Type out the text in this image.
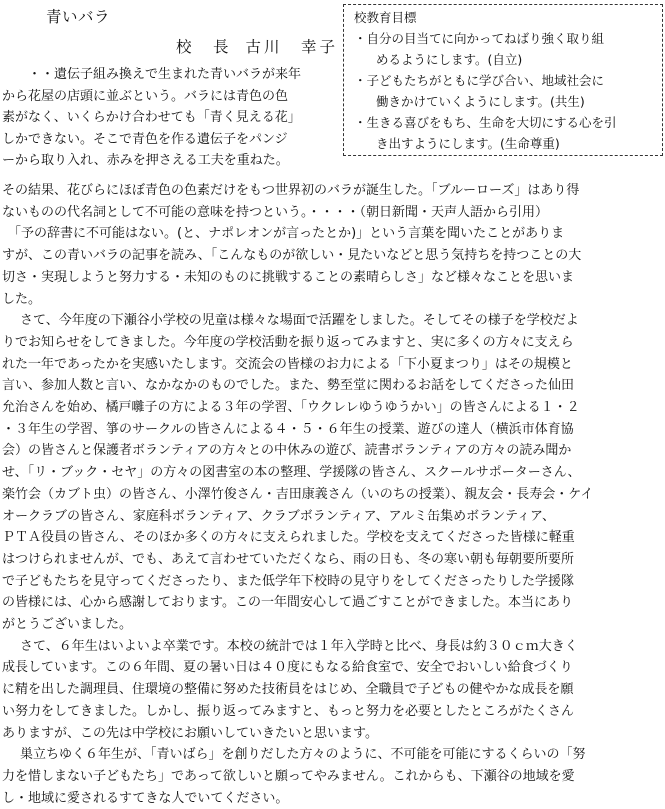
青いバラ
校　長 古川　幸子
校教育目標
・自分の目当てに向かってねばり強く取り組
めるようにします。(自立)
・子どもたちがともに学び合い、地域社会に
働きかけていくようにします。(共生)
・生きる喜びをもち、生命を大切にする心を引
き出すようにします。(生命尊重)
・・遺伝子組み換えで生まれた青いバラが来年
から花屋の店頭に並ぶという。バラには青色の色
素がなく、いくらかけ合わせても「青く見える花」
しかできない。そこで青色を作る遺伝子をパンジ
ーから取り入れ、赤みを押さえる工夫を重ねた。
その結果、花びらにほぼ青色の色素だけをもつ世界初のバラが誕生した。「ブルーローズ」はあり得
ないものの代名詞として不可能の意味を持つという。・・・・（朝日新聞・天声人語から引用）
「予の辞書に不可能はない。(と、ナポレオンが言ったとか)」という言葉を聞いたことがありま
すが、この青いバラの記事を読み、「こんなものが欲しい・見たいなどと思う気持ちを持つことの大
切さ・実現しようと努力する・未知のものに挑戦することの素晴らしさ」など様々なことを思いま
した。
さて、今年度の下瀬谷小学校の児童は様々な場面で活躍をしました。そしてその様子を学校だよ
りでお知らせをしてきました。今年度の学校活動を振り返ってみますと、実に多くの方々に支えら
れた一年であったかを実感いたします。交流会の皆様のお力による「下小夏まつり」はその規模と
言い、参加人数と言い、なかなかのものでした。また、勢至堂に関わるお話をしてくださった仙田
允治さんを始め、橘戸囃子の方による３年の学習、「ウクレレゆうゆうかい」の皆さんによる１・２
・３年生の学習、箏のサークルの皆さんによる４・５・６年生の授業、遊びの達人（横浜市体育協
会）の皆さんと保護者ボランティアの方々との中休みの遊び、読書ボランティアの方々の読み聞か
せ、「リ・ブック・セヤ」の方々の図書室の本の整理、学援隊の皆さん、スクールサポーターさん、
楽竹会（カブト虫）の皆さん、小澤竹俊さん・吉田康義さん（いのちの授業）、親友会・長寿会・ケイ
オークラブの皆さん、家庭科ボランティア、クラブボランティア、アルミ缶集めボランティア、
ＰＴＡ役員の皆さん、そのほか多くの方々に支えられました。学校を支えてくださった皆様に軽重
はつけられませんが、でも、あえて言わせていただくなら、雨の日も、冬の寒い朝も毎朝要所要所
で子どもたちを見守ってくださったり、また低学年下校時の見守りをしてくださったりした学援隊
の皆様には、心から感謝しております。この一年間安心して過ごすことができました。本当にあり
がとうございました。
さて、６年生はいよいよ卒業です。本校の統計では１年入学時と比べ、身長は約３０ｃｍ大きく
成長しています。この６年間、夏の暑い日は４０度にもなる給食室で、安全でおいしい給食づくり
に精を出した調理員、住環境の整備に努めた技術員をはじめ、全職員で子どもの健やかな成長を願
い努力をしてきました。しかし、振り返ってみますと、もっと努力を必要としたところがたくさん
ありますが、この先は中学校にお願いしていきたいと思います。
巣立ちゆく６年生が、「青いばら」を創りだした方々のように、不可能を可能にするくらいの「努
力を惜しまない子どもたち」であって欲しいと願ってやみません。これからも、下瀬谷の地域を愛
し・地域に愛されるすてきな人でいてください。
